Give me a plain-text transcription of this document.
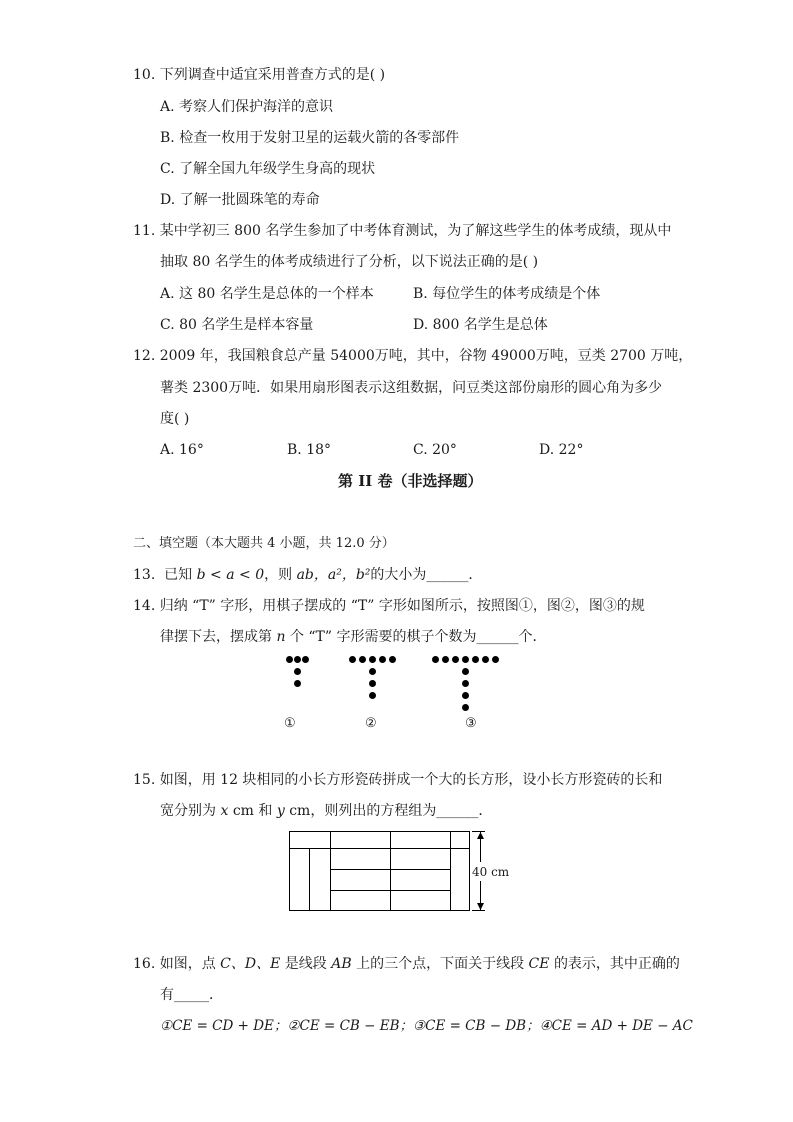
10. 下列调查中适宜采用普查方式的是( )
A. 考察人们保护海洋的意识
B. 检查一枚用于发射卫星的运载火箭的各零部件
C. 了解全国九年级学生身高的现状
D. 了解一批圆珠笔的寿命
11. 某中学初三 800 名学生参加了中考体育测试，为了解这些学生的体考成绩，现从中
抽取 80 名学生的体考成绩进行了分析，以下说法正确的是( )
A. 这 80 名学生是总体的一个样本	B. 每位学生的体考成绩是个体
C. 80 名学生是样本容量	D. 800 名学生是总体
12. 2009 年，我国粮食总产量 54000万吨，其中，谷物 49000万吨，豆类 2700 万吨，
薯类 2300万吨．如果用扇形图表示这组数据，问豆类这部份扇形的圆心角为多少
度( )
A. 16°	B. 18°	C. 20°	D. 22°
第 II 卷（非选择题）
二、填空题（本大题共 4 小题，共 12.0 分）
13. 已知 b < a < 0，则 ab，a²，b²的大小为______．
14. 归纳 “T” 字形，用棋子摆成的 “T” 字形如图所示，按照图①，图②，图③的规
律摆下去，摆成第 n 个 “T” 字形需要的棋子个数为______个．
①	②	③
15. 如图，用 12 块相同的小长方形瓷砖拼成一个大的长方形，设小长方形瓷砖的长和
宽分别为 x cm 和 y cm，则列出的方程组为______．
40 cm
16. 如图，点 C、D、E 是线段 AB 上的三个点，下面关于线段 CE 的表示，其中正确的
有_____．
①CE = CD + DE；②CE = CB − EB；③CE = CB − DB；④CE = AD + DE − AC
